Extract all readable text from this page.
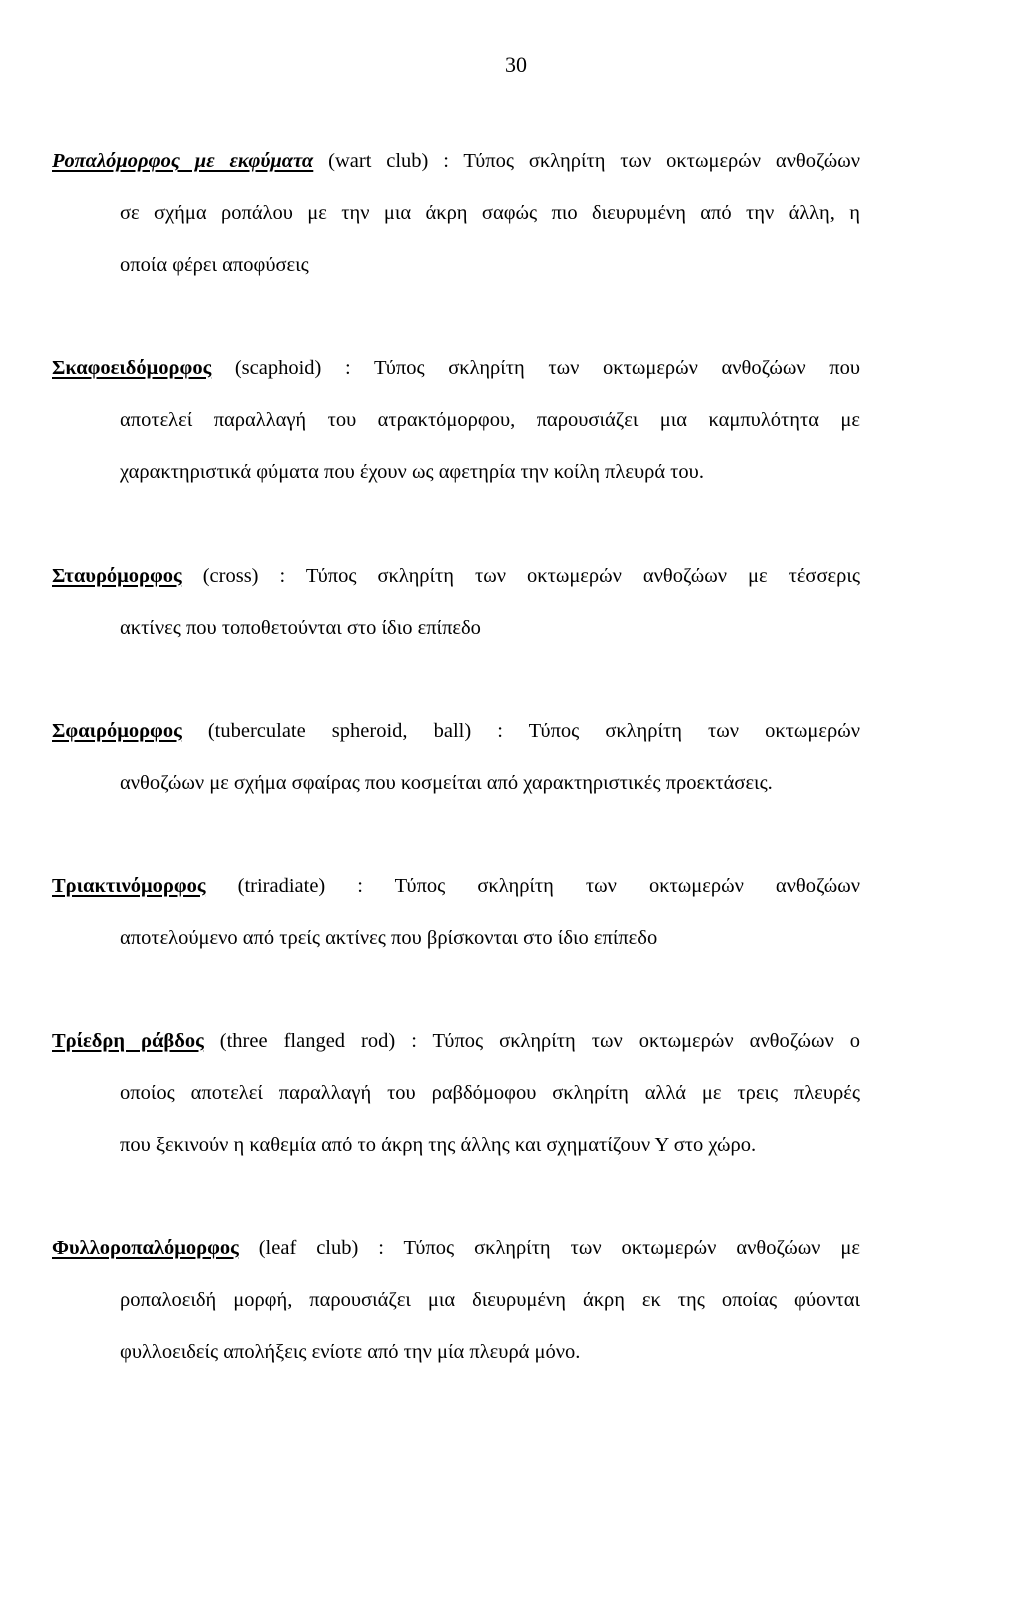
30
Ροπαλόμορφος με εκφύματα (wart club) : Τύπος σκληρίτη των οκτωμερών ανθοζώων
σε σχήμα ροπάλου με την μια άκρη σαφώς πιο διευρυμένη από την άλλη, η
οποία φέρει αποφύσεις
Σκαφοειδόμορφος (scaphoid) : Τύπος σκληρίτη των οκτωμερών ανθοζώων που
αποτελεί παραλλαγή του ατρακτόμορφου, παρουσιάζει μια καμπυλότητα με
χαρακτηριστικά φύματα που έχουν ως αφετηρία την κοίλη πλευρά του.
Σταυρόμορφος (cross) : Τύπος σκληρίτη των οκτωμερών ανθοζώων με τέσσερις
ακτίνες που τοποθετούνται στο ίδιο επίπεδο
Σφαιρόμορφος (tuberculate spheroid, ball) : Τύπος σκληρίτη των οκτωμερών
ανθοζώων με σχήμα σφαίρας που κοσμείται από χαρακτηριστικές προεκτάσεις.
Τριακτινόμορφος (triradiate) : Τύπος σκληρίτη των οκτωμερών ανθοζώων
αποτελούμενο από τρείς ακτίνες που βρίσκονται στο ίδιο επίπεδο
Τρίεδρη ράβδος (three flanged rod) : Τύπος σκληρίτη των οκτωμερών ανθοζώων ο
οποίος αποτελεί παραλλαγή του ραβδόμοφου σκληρίτη αλλά με τρεις πλευρές
που ξεκινούν η καθεμία από το άκρη της άλλης και σχηματίζουν Υ στο χώρο.
Φυλλοροπαλόμορφος (leaf club) : Τύπος σκληρίτη των οκτωμερών ανθοζώων με
ροπαλοειδή μορφή, παρουσιάζει μια διευρυμένη άκρη εκ της οποίας φύονται
φυλλοειδείς απολήξεις ενίοτε από την μία πλευρά μόνο.
